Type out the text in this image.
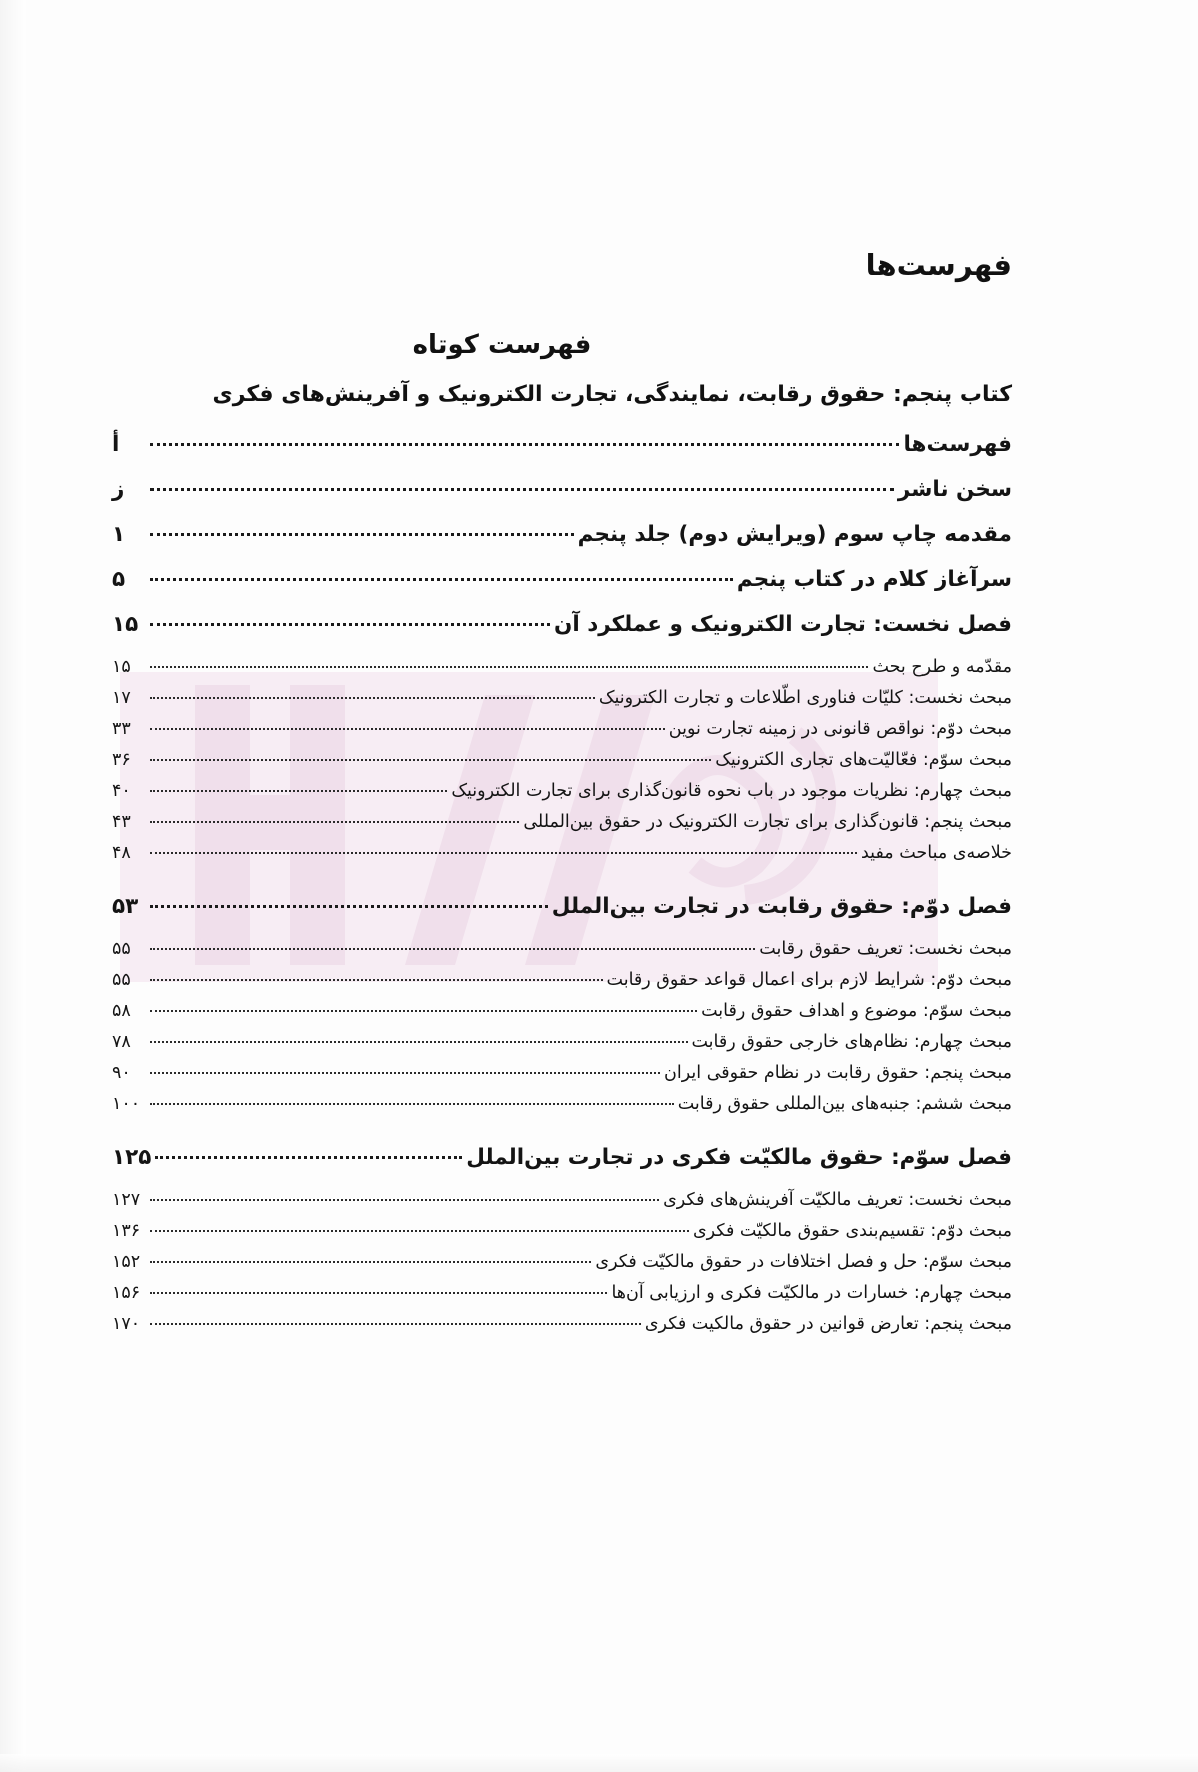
فهرست‌ها
فهرست کوتاه
کتاب پنجم: حقوق رقابت، نمایندگی، تجارت الکترونیک و آفرینش‌های فکری
فهرست‌ها
أ
سخن ناشر
ز
مقدمه چاپ سوم (ویرایش دوم) جلد پنجم
۱
سرآغاز کلام در کتاب پنجم
۵
فصل نخست: تجارت الکترونیک و عملکرد آن
۱۵
مقدّمه و طرح بحث
۱۵
مبحث نخست: کلیّات فناوری اطّلاعات و تجارت الکترونیک
۱۷
مبحث دوّم: نواقص قانونی در زمینه تجارت نوین
۳۳
مبحث سوّم: فعّالیّت‌های تجاری الکترونیک
۳۶
مبحث چهارم: نظریات موجود در باب نحوه قانون‌گذاری برای تجارت الکترونیک
۴۰
مبحث پنجم: قانون‌گذاری برای تجارت الکترونیک در حقوق بین‌المللی
۴۳
خلاصه‌ی مباحث مفید
۴۸
فصل دوّم: حقوق رقابت در تجارت بین‌الملل
۵۳
مبحث نخست: تعریف حقوق رقابت
۵۵
مبحث دوّم: شرایط لازم برای اعمال قواعد حقوق رقابت
۵۵
مبحث سوّم: موضوع و اهداف حقوق رقابت
۵۸
مبحث چهارم: نظام‌های خارجی حقوق رقابت
۷۸
مبحث پنجم: حقوق رقابت در نظام حقوقی ایران
۹۰
مبحث ششم: جنبه‌های بین‌المللی حقوق رقابت
۱۰۰
فصل سوّم: حقوق مالکیّت فکری در تجارت بین‌الملل
۱۲۵
مبحث نخست: تعریف مالکیّت آفرینش‌های فکری
۱۲۷
مبحث دوّم: تقسیم‌بندی حقوق مالکیّت فکری
۱۳۶
مبحث سوّم: حل و فصل اختلافات در حقوق مالکیّت فکری
۱۵۲
مبحث چهارم: خسارات در مالکیّت فکری و ارزیابی آن‌ها
۱۵۶
مبحث پنجم: تعارض قوانین در حقوق مالکیت فکری
۱۷۰
